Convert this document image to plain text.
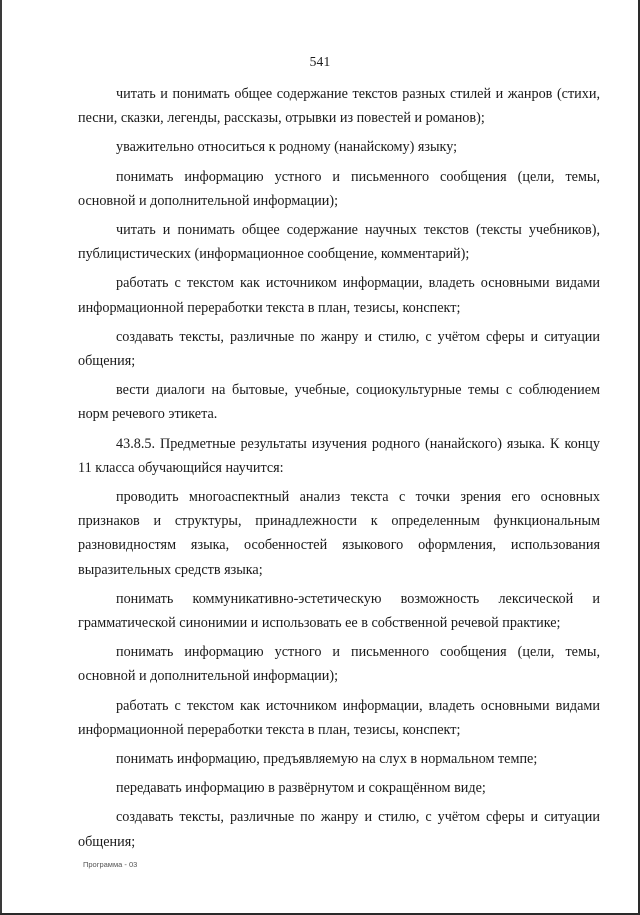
541

читать и понимать общее содержание текстов разных стилей и жанров (стихи, песни, сказки, легенды, рассказы, отрывки из повестей и романов);

уважительно относиться к родному (нанайскому) языку;

понимать информацию устного и письменного сообщения (цели, темы, основной и дополнительной информации);

читать и понимать общее содержание научных текстов (тексты учебников), публицистических (информационное сообщение, комментарий);

работать с текстом как источником информации, владеть основными видами информационной переработки текста в план, тезисы, конспект;

создавать тексты, различные по жанру и стилю, с учётом сферы и ситуации общения;

вести диалоги на бытовые, учебные, социокультурные темы с соблюдением норм речевого этикета.

43.8.5. Предметные результаты изучения родного (нанайского) языка. К концу 11 класса обучающийся научится:

проводить многоаспектный анализ текста с точки зрения его основных признаков и структуры, принадлежности к определенным функциональным разновидностям языка, особенностей языкового оформления, использования выразительных средств языка;

понимать коммуникативно-эстетическую возможность лексической и грамматической синонимии и использовать ее в собственной речевой практике;

понимать информацию устного и письменного сообщения (цели, темы, основной и дополнительной информации);

работать с текстом как источником информации, владеть основными видами информационной переработки текста в план, тезисы, конспект;

понимать информацию, предъявляемую на слух в нормальном темпе;

передавать информацию в развёрнутом и сокращённом виде;

создавать тексты, различные по жанру и стилю, с учётом сферы и ситуации общения;

Программа - 03
